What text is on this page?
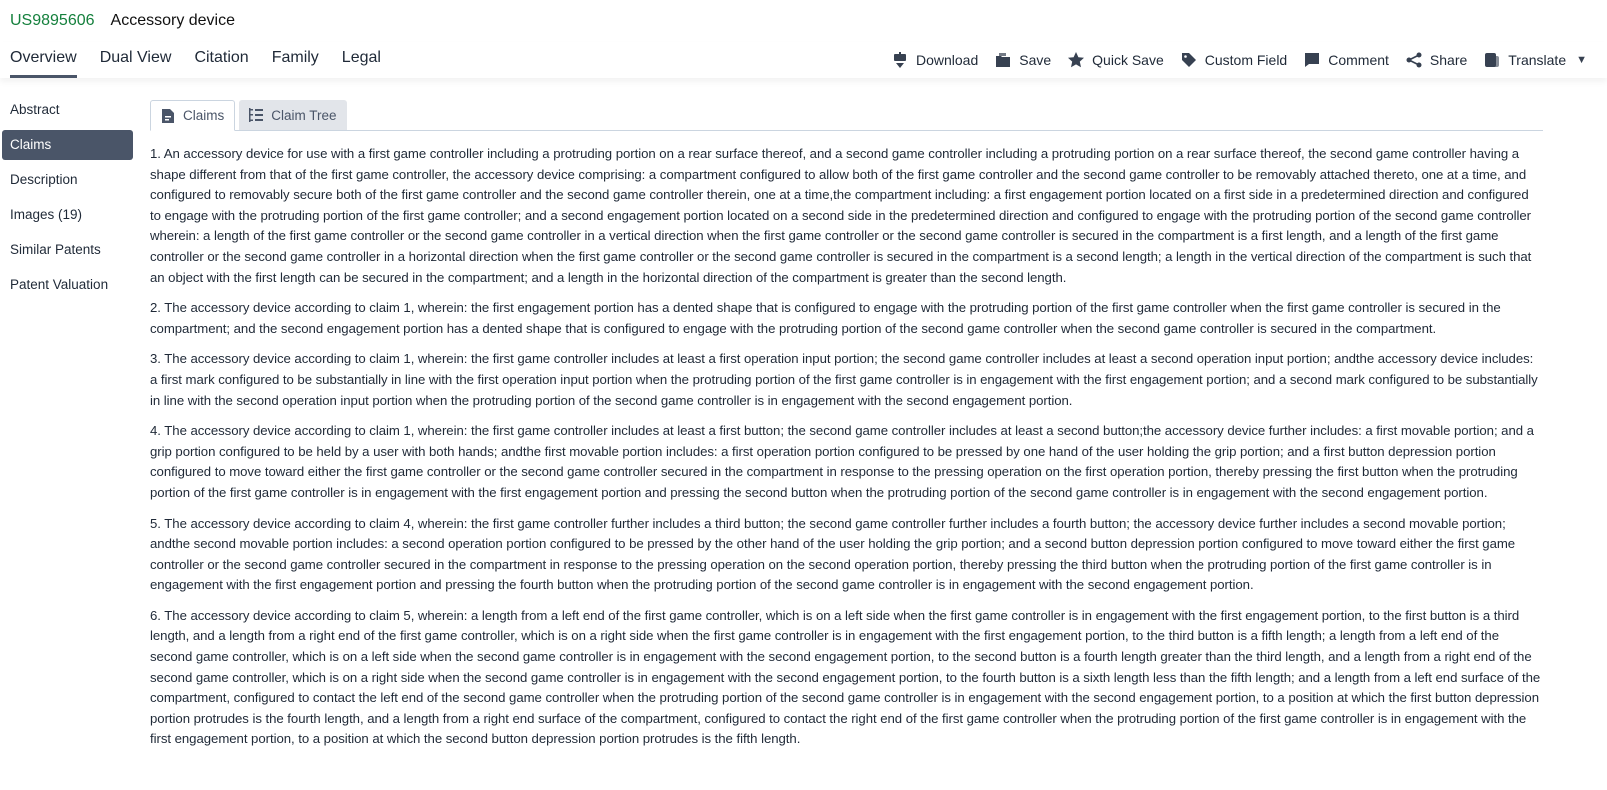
US9895606 Accessory device
Overview Dual View Citation Family Legal	Download	Save	Quick Save	Custom Field	Comment	Share	Translate ▼
Abstract
Claims
Description
Images (19)
Similar Patents
Patent Valuation
Claims	Claim Tree

1. An accessory device for use with a first game controller including a protruding portion on a rear surface thereof, and a second game controller including a protruding portion on a rear surface thereof, the second game controller having a shape different from that of the first game controller, the accessory device comprising: a compartment configured to allow both of the first game controller and the second game controller to be removably attached thereto, one at a time, and configured to removably secure both of the first game controller and the second game controller therein, one at a time,the compartment including: a first engagement portion located on a first side in a predetermined direction and configured to engage with the protruding portion of the first game controller; and a second engagement portion located on a second side in the predetermined direction and configured to engage with the protruding portion of the second game controller wherein: a length of the first game controller or the second game controller in a vertical direction when the first game controller or the second game controller is secured in the compartment is a first length, and a length of the first game controller or the second game controller in a horizontal direction when the first game controller or the second game controller is secured in the compartment is a second length; a length in the vertical direction of the compartment is such that an object with the first length can be secured in the compartment; and a length in the horizontal direction of the compartment is greater than the second length.

2. The accessory device according to claim 1, wherein: the first engagement portion has a dented shape that is configured to engage with the protruding portion of the first game controller when the first game controller is secured in the compartment; and the second engagement portion has a dented shape that is configured to engage with the protruding portion of the second game controller when the second game controller is secured in the compartment.

3. The accessory device according to claim 1, wherein: the first game controller includes at least a first operation input portion; the second game controller includes at least a second operation input portion; andthe accessory device includes: a first mark configured to be substantially in line with the first operation input portion when the protruding portion of the first game controller is in engagement with the first engagement portion; and a second mark configured to be substantially in line with the second operation input portion when the protruding portion of the second game controller is in engagement with the second engagement portion.

4. The accessory device according to claim 1, wherein: the first game controller includes at least a first button; the second game controller includes at least a second button;the accessory device further includes: a first movable portion; and a grip portion configured to be held by a user with both hands; andthe first movable portion includes: a first operation portion configured to be pressed by one hand of the user holding the grip portion; and a first button depression portion configured to move toward either the first game controller or the second game controller secured in the compartment in response to the pressing operation on the first operation portion, thereby pressing the first button when the protruding portion of the first game controller is in engagement with the first engagement portion and pressing the second button when the protruding portion of the second game controller is in engagement with the second engagement portion.

5. The accessory device according to claim 4, wherein: the first game controller further includes a third button; the second game controller further includes a fourth button; the accessory device further includes a second movable portion; andthe second movable portion includes: a second operation portion configured to be pressed by the other hand of the user holding the grip portion; and a second button depression portion configured to move toward either the first game controller or the second game controller secured in the compartment in response to the pressing operation on the second operation portion, thereby pressing the third button when the protruding portion of the first game controller is in engagement with the first engagement portion and pressing the fourth button when the protruding portion of the second game controller is in engagement with the second engagement portion.

6. The accessory device according to claim 5, wherein: a length from a left end of the first game controller, which is on a left side when the first game controller is in engagement with the first engagement portion, to the first button is a third length, and a length from a right end of the first game controller, which is on a right side when the first game controller is in engagement with the first engagement portion, to the third button is a fifth length; a length from a left end of the second game controller, which is on a left side when the second game controller is in engagement with the second engagement portion, to the second button is a fourth length greater than the third length, and a length from a right end of the second game controller, which is on a right side when the second game controller is in engagement with the second engagement portion, to the fourth button is a sixth length less than the fifth length; and a length from a left end surface of the compartment, configured to contact the left end of the second game controller when the protruding portion of the second game controller is in engagement with the second engagement portion, to a position at which the first button depression portion protrudes is the fourth length, and a length from a right end surface of the compartment, configured to contact the right end of the first game controller when the protruding portion of the first game controller is in engagement with the first engagement portion, to a position at which the second button depression portion protrudes is the fifth length.
